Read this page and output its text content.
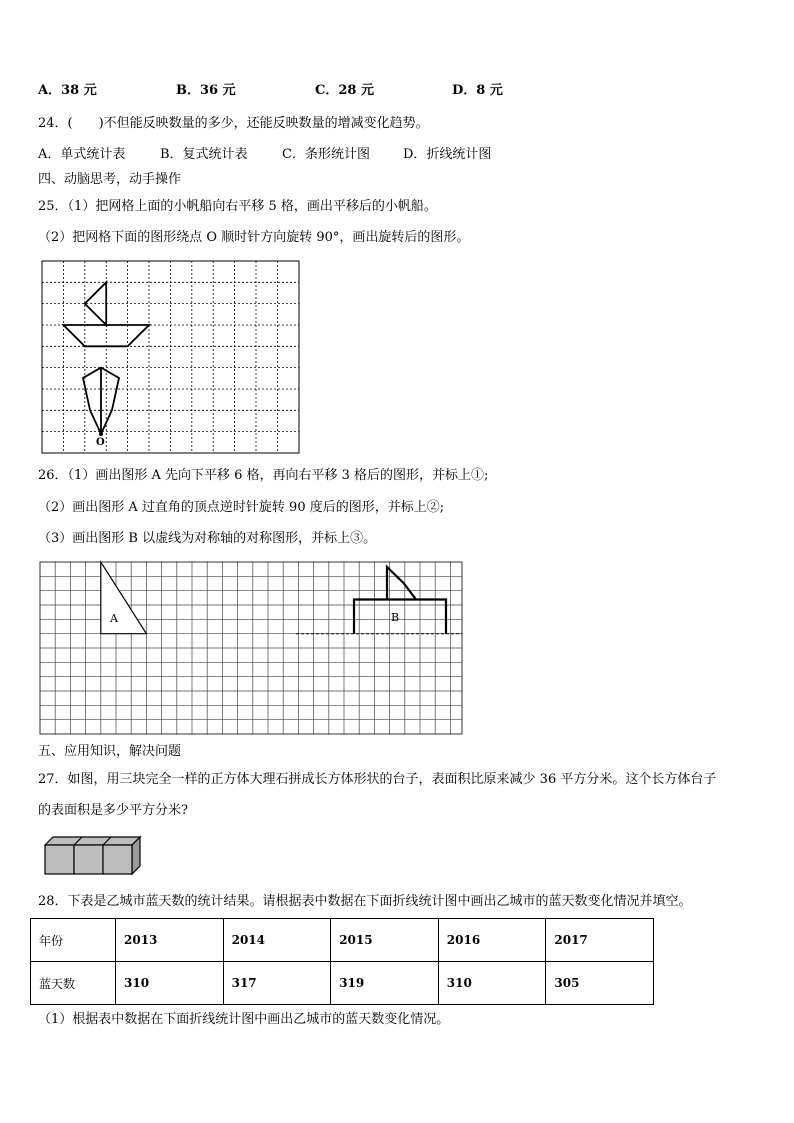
A．38 元	B．36 元	C．28 元	D．8 元
24．(　　)不但能反映数量的多少，还能反映数量的增减变化趋势。
A．单式统计表	B．复式统计表	C．条形统计图	D．折线统计图
四、动脑思考，动手操作
25．（1）把网格上面的小帆船向右平移 5 格，画出平移后的小帆船。
（2）把网格下面的图形绕点 O 顺时针方向旋转 90°，画出旋转后的图形。
O
26．（1）画出图形 A 先向下平移 6 格，再向右平移 3 格后的图形，并标上①;
（2）画出图形 A 过直角的顶点逆时针旋转 90 度后的图形，并标上②;
（3）画出图形 B 以虚线为对称轴的对称图形，并标上③。
A	B
五、应用知识，解决问题
27．如图，用三块完全一样的正方体大理石拼成长方体形状的台子，表面积比原来减少 36 平方分米。这个长方体台子
的表面积是多少平方分米?
28．下表是乙城市蓝天数的统计结果。请根据表中数据在下面折线统计图中画出乙城市的蓝天数变化情况并填空。
年份	2013	2014	2015	2016	2017
蓝天数	310	317	319	310	305
（1）根据表中数据在下面折线统计图中画出乙城市的蓝天数变化情况。
